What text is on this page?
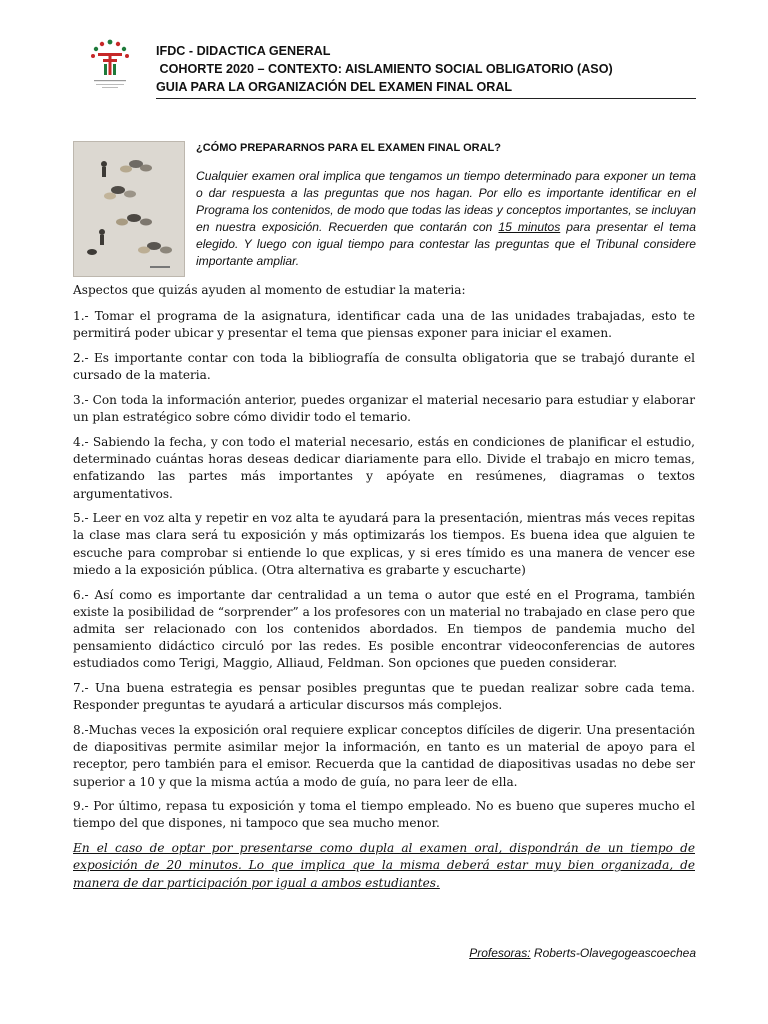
IFDC - DIDACTICA GENERAL
COHORTE 2020 – CONTEXTO: AISLAMIENTO SOCIAL OBLIGATORIO (ASO)
GUIA PARA LA ORGANIZACIÓN DEL EXAMEN FINAL ORAL
¿CÓMO PREPARARNOS PARA EL EXAMEN FINAL ORAL?
Cualquier examen oral implica que tengamos un tiempo determinado para exponer un tema o dar respuesta a las preguntas que nos hagan. Por ello es importante identificar en el Programa los contenidos, de modo que todas las ideas y conceptos importantes, se incluyan en nuestra exposición. Recuerden que contarán con 15 minutos para presentar el tema elegido. Y luego con igual tiempo para contestar las preguntas que el Tribunal considere importante ampliar.

Aspectos que quizás ayuden al momento de estudiar la materia:

1.- Tomar el programa de la asignatura, identificar cada una de las unidades trabajadas, esto te permitirá poder ubicar y presentar el tema que piensas exponer para iniciar el examen.

2.- Es importante contar con toda la bibliografía de consulta obligatoria que se trabajó durante el cursado de la materia.

3.- Con toda la información anterior, puedes organizar el material necesario para estudiar y elaborar un plan estratégico sobre cómo dividir todo el temario.

4.- Sabiendo la fecha, y con todo el material necesario, estás en condiciones de planificar el estudio, determinado cuántas horas deseas dedicar diariamente para ello. Divide el trabajo en micro temas, enfatizando las partes más importantes y apóyate en resúmenes, diagramas o textos argumentativos.

5.- Leer en voz alta y repetir en voz alta te ayudará para la presentación, mientras más veces repitas la clase mas clara será tu exposición y más optimizarás los tiempos. Es buena idea que alguien te escuche para comprobar si entiende lo que explicas, y si eres tímido es una manera de vencer ese miedo a la exposición pública. (Otra alternativa es grabarte y escucharte)

6.- Así como es importante dar centralidad a un tema o autor que esté en el Programa, también existe la posibilidad de “sorprender” a los profesores con un material no trabajado en clase pero que admita ser relacionado con los contenidos abordados. En tiempos de pandemia mucho del pensamiento didáctico circuló por las redes. Es posible encontrar videoconferencias de autores estudiados como Terigi, Maggio, Alliaud, Feldman. Son opciones que pueden considerar.

7.- Una buena estrategia es pensar posibles preguntas que te puedan realizar sobre cada tema. Responder preguntas te ayudará a articular discursos más complejos.

8.-Muchas veces la exposición oral requiere explicar conceptos difíciles de digerir. Una presentación de diapositivas permite asimilar mejor la información, en tanto es un material de apoyo para el receptor, pero también para el emisor. Recuerda que la cantidad de diapositivas usadas no debe ser superior a 10 y que la misma actúa a modo de guía, no para leer de ella.

9.- Por último, repasa tu exposición y toma el tiempo empleado. No es bueno que superes mucho el tiempo del que dispones, ni tampoco que sea mucho menor.

En el caso de optar por presentarse como dupla al examen oral, dispondrán de un tiempo de exposición de 20 minutos. Lo que implica que la misma deberá estar muy bien organizada, de manera de dar participación por igual a ambos estudiantes.

Profesoras: Roberts-Olavegogeascoechea
